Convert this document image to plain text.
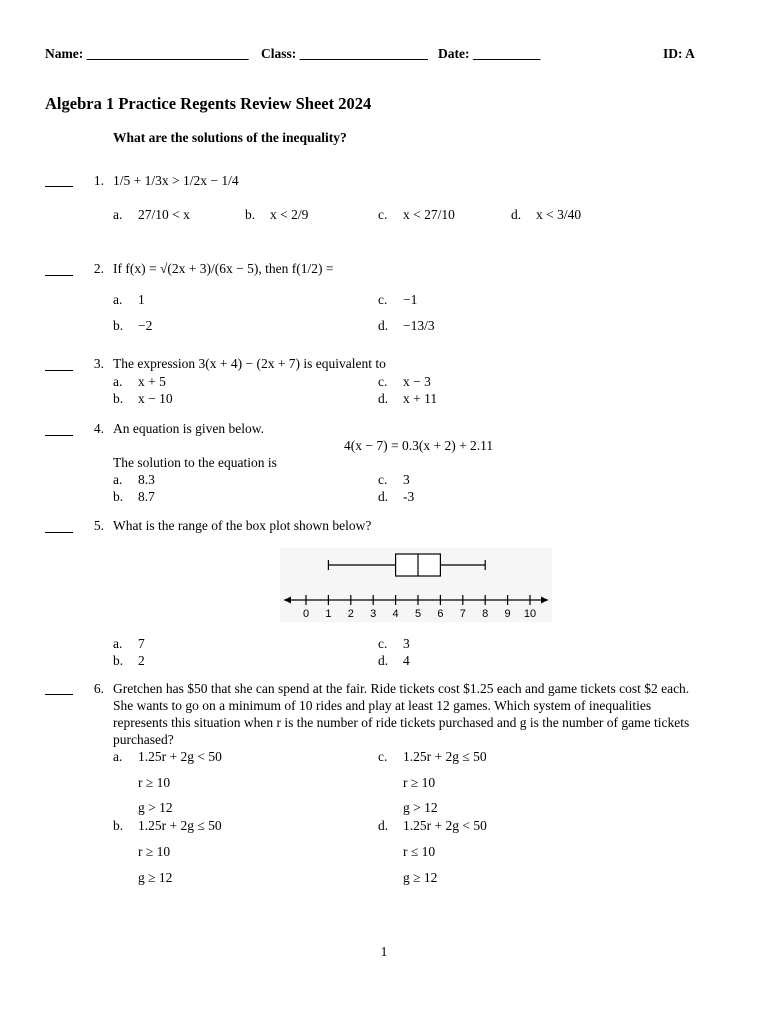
Name: ________________________ Class: ___________________ Date: __________	ID: A
Algebra 1 Practice Regents Review Sheet 2024
What are the solutions of the inequality?
1. 1/5 + 1/3x > 1/2x − 1/4
a. 27/10 < x	b. x < 2/9	c. x < 27/10	d. x < 3/40
2. If f(x) = √(2x + 3)/(6x − 5), then f(1/2) =
a. 1	c. −1
b. −2	d. −13/3
3. The expression 3(x + 4) − (2x + 7) is equivalent to
a. x + 5	c. x − 3
b. x − 10	d. x + 11
4. An equation is given below.
4(x − 7) = 0.3(x + 2) + 2.11
The solution to the equation is
a. 8.3	c. 3
b. 8.7	d. -3
5. What is the range of the box plot shown below?
0 1 2 3 4 5 6 7 8 9 10
a. 7	c. 3
b. 2	d. 4
6. Gretchen has $50 that she can spend at the fair. Ride tickets cost $1.25 each and game tickets cost $2 each.
She wants to go on a minimum of 10 rides and play at least 12 games. Which system of inequalities
represents this situation when r is the number of ride tickets purchased and g is the number of game tickets
purchased?
a. 1.25r + 2g < 50
r ≥ 10
g > 12
c. 1.25r + 2g ≤ 50
r ≥ 10
g > 12
b. 1.25r + 2g ≤ 50
r ≥ 10
g ≥ 12
d. 1.25r + 2g < 50
r ≤ 10
g ≥ 12
1
